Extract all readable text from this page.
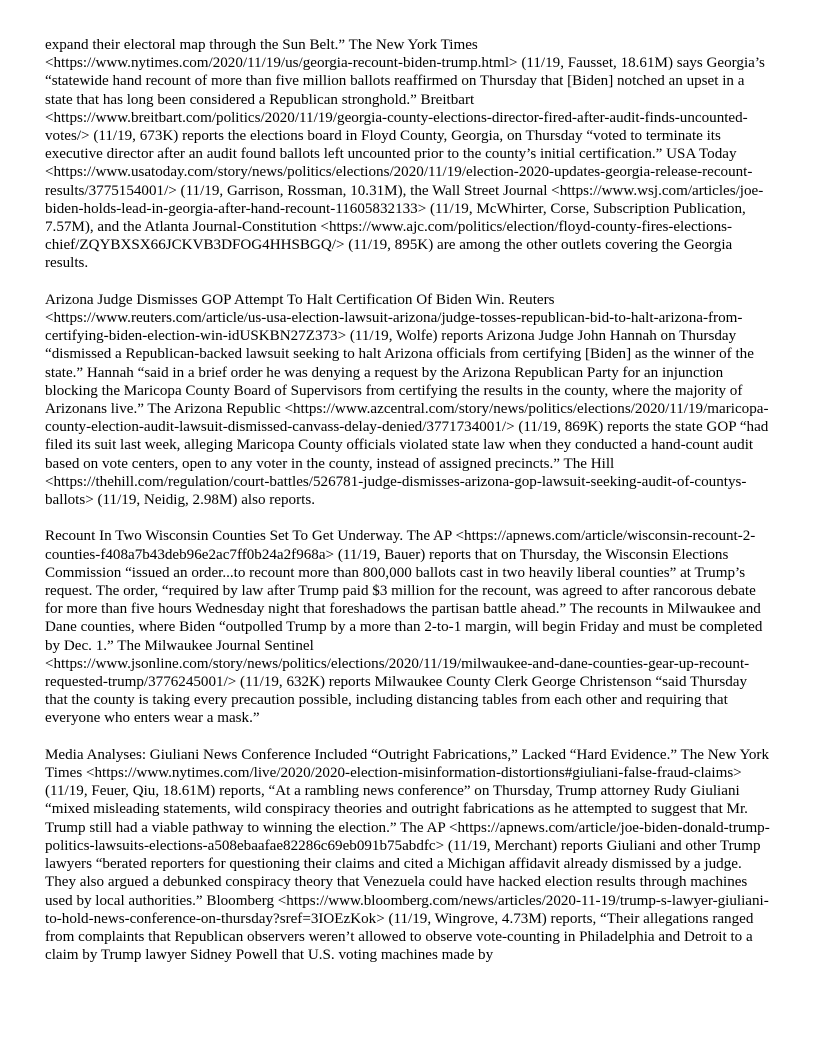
expand their electoral map through the Sun Belt.” The New York Times <https://www.nytimes.com/2020/11/19/us/georgia-recount-biden-trump.html> (11/19, Fausset, 18.61M) says Georgia’s “statewide hand recount of more than five million ballots reaffirmed on Thursday that [Biden] notched an upset in a state that has long been considered a Republican stronghold.” Breitbart <https://www.breitbart.com/politics/2020/11/19/georgia-county-elections-director-fired-after-audit-finds-uncounted-votes/> (11/19, 673K) reports the elections board in Floyd County, Georgia, on Thursday “voted to terminate its executive director after an audit found ballots left uncounted prior to the county’s initial certification.” USA Today <https://www.usatoday.com/story/news/politics/elections/2020/11/19/election-2020-updates-georgia-release-recount-results/3775154001/> (11/19, Garrison, Rossman, 10.31M), the Wall Street Journal <https://www.wsj.com/articles/joe-biden-holds-lead-in-georgia-after-hand-recount-11605832133> (11/19, McWhirter, Corse, Subscription Publication, 7.57M), and the Atlanta Journal-Constitution <https://www.ajc.com/politics/election/floyd-county-fires-elections-chief/ZQYBXSX66JCKVB3DFOG4HHSBGQ/> (11/19, 895K) are among the other outlets covering the Georgia results.

Arizona Judge Dismisses GOP Attempt To Halt Certification Of Biden Win. Reuters <https://www.reuters.com/article/us-usa-election-lawsuit-arizona/judge-tosses-republican-bid-to-halt-arizona-from-certifying-biden-election-win-idUSKBN27Z373> (11/19, Wolfe) reports Arizona Judge John Hannah on Thursday “dismissed a Republican-backed lawsuit seeking to halt Arizona officials from certifying [Biden] as the winner of the state.” Hannah “said in a brief order he was denying a request by the Arizona Republican Party for an injunction blocking the Maricopa County Board of Supervisors from certifying the results in the county, where the majority of Arizonans live.” The Arizona Republic <https://www.azcentral.com/story/news/politics/elections/2020/11/19/maricopa-county-election-audit-lawsuit-dismissed-canvass-delay-denied/3771734001/> (11/19, 869K) reports the state GOP “had filed its suit last week, alleging Maricopa County officials violated state law when they conducted a hand-count audit based on vote centers, open to any voter in the county, instead of assigned precincts.” The Hill <https://thehill.com/regulation/court-battles/526781-judge-dismisses-arizona-gop-lawsuit-seeking-audit-of-countys-ballots> (11/19, Neidig, 2.98M) also reports.

Recount In Two Wisconsin Counties Set To Get Underway. The AP <https://apnews.com/article/wisconsin-recount-2-counties-f408a7b43deb96e2ac7ff0b24a2f968a> (11/19, Bauer) reports that on Thursday, the Wisconsin Elections Commission “issued an order...to recount more than 800,000 ballots cast in two heavily liberal counties” at Trump’s request. The order, “required by law after Trump paid $3 million for the recount, was agreed to after rancorous debate for more than five hours Wednesday night that foreshadows the partisan battle ahead.” The recounts in Milwaukee and Dane counties, where Biden “outpolled Trump by a more than 2-to-1 margin, will begin Friday and must be completed by Dec. 1.” The Milwaukee Journal Sentinel <https://www.jsonline.com/story/news/politics/elections/2020/11/19/milwaukee-and-dane-counties-gear-up-recount-requested-trump/3776245001/> (11/19, 632K) reports Milwaukee County Clerk George Christenson “said Thursday that the county is taking every precaution possible, including distancing tables from each other and requiring that everyone who enters wear a mask.”

Media Analyses: Giuliani News Conference Included “Outright Fabrications,” Lacked “Hard Evidence.” The New York Times <https://www.nytimes.com/live/2020/2020-election-misinformation-distortions#giuliani-false-fraud-claims> (11/19, Feuer, Qiu, 18.61M) reports, “At a rambling news conference” on Thursday, Trump attorney Rudy Giuliani “mixed misleading statements, wild conspiracy theories and outright fabrications as he attempted to suggest that Mr. Trump still had a viable pathway to winning the election.” The AP <https://apnews.com/article/joe-biden-donald-trump-politics-lawsuits-elections-a508ebaafae82286c69eb091b75abdfc> (11/19, Merchant) reports Giuliani and other Trump lawyers “berated reporters for questioning their claims and cited a Michigan affidavit already dismissed by a judge. They also argued a debunked conspiracy theory that Venezuela could have hacked election results through machines used by local authorities.” Bloomberg <https://www.bloomberg.com/news/articles/2020-11-19/trump-s-lawyer-giuliani-to-hold-news-conference-on-thursday?sref=3IOEzKok> (11/19, Wingrove, 4.73M) reports, “Their allegations ranged from complaints that Republican observers weren’t allowed to observe vote-counting in Philadelphia and Detroit to a claim by Trump lawyer Sidney Powell that U.S. voting machines made by
